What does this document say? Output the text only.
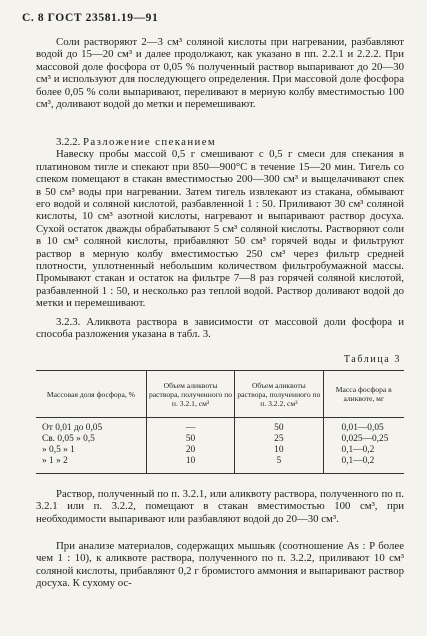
С. 8 ГОСТ 23581.19—91

Соли растворяют 2—3 см³ соляной кислоты при нагревании, разбавляют водой до 15—20 см³ и далее продолжают, как указано в пп. 2.2.1 и 2.2.2. При массовой доле фосфора от 0,05 % полученный раствор выпаривают до 20—30 см³ и используют для последующего определения. При массовой доле фосфора более 0,05 % соли выпаривают, переливают в мерную колбу вместимостью 100 см³, доливают водой до метки и перемешивают.

3.2.2. Разложение спеканием

Навеску пробы массой 0,5 г смешивают с 0,5 г смеси для спекания в платиновом тигле и спекают при 850—900°С в течение 15—20 мин. Тигель со спеком помещают в стакан вместимостью 200—300 см³ и выщелачивают спек в 50 см³ воды при нагревании. Затем тигель извлекают из стакана, обмывают его водой и соляной кислотой, разбавленной 1 : 50. Приливают 30 см³ соляной кислоты, 10 см³ азотной кислоты, нагревают и выпаривают раствор досуха. Сухой остаток дважды обрабатывают 5 см³ соляной кислоты. Растворяют соли в 10 см³ соляной кислоты, прибавляют 50 см³ горячей воды и фильтруют раствор в мерную колбу вместимостью 250 см³ через фильтр средней плотности, уплотненный небольшим количеством фильтробумажной массы. Промывают стакан и остаток на фильтре 7—8 раз горячей соляной кислотой, разбавленной 1 : 50, и несколько раз теплой водой. Раствор доливают водой до метки и перемешивают.

3.2.3. Аликвота раствора в зависимости от массовой доли фосфора и способа разложения указана в табл. 3.

Таблица 3
Массовая доля фосфора, %	Объем аликвоты раствора, полученного по п. 3.2.1, см³	Объем аликвоты раствора, полученного по п. 3.2.2, см³	Масса фосфора в аликвоте, мг
От 0,01 до 0,05	—	50	0,01—0,05
Св. 0,05 » 0,5	50	25	0,025—0,25
» 0,5 » 1	20	10	0,1—0,2
» 1 » 2	10	5	0,1—0,2

Раствор, полученный по п. 3.2.1, или аликвоту раствора, полученного по п. 3.2.1 или п. 3.2.2, помещают в стакан вместимостью 100 см³, при необходимости выпаривают или разбавляют водой до 20—30 см³.

При анализе материалов, содержащих мышьяк (соотношение As : P более чем 1 : 10), к аликвоте раствора, полученного по п. 3.2.2, приливают 10 см³ соляной кислоты, прибавляют 0,2 г бромистого аммония и выпаривают раствор досуха. К сухому ос-
